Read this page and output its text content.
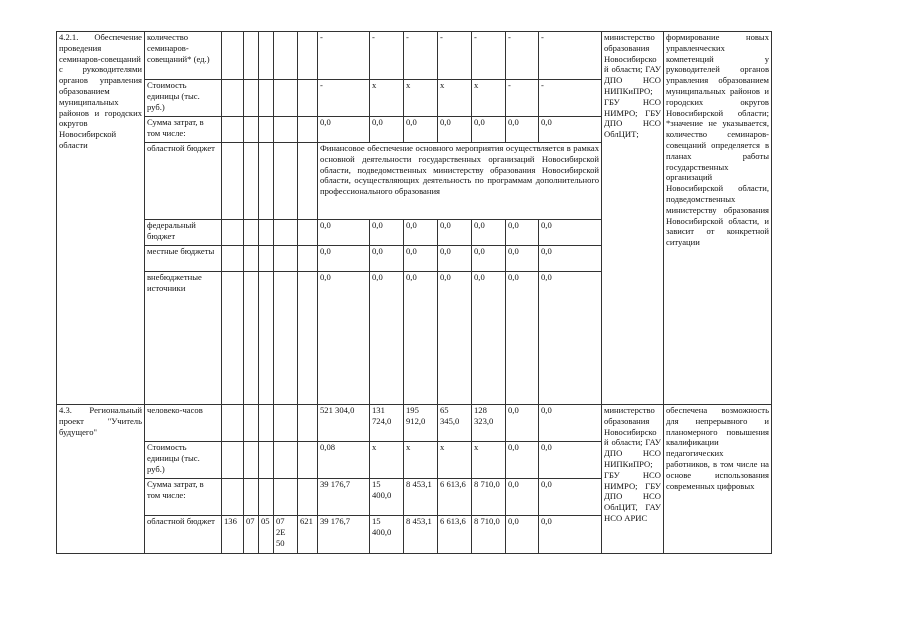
4.2.1. Обеспечение проведения семинаров-совещаний с руководителями органов управления образованием муниципальных районов и городских округов Новосибирской области	количество семинаров-совещаний* (ед.)						-	-	-	-	-	-	-	министерство образования Новосибирской области; ГАУ ДПО НСО НИПКиПРО; ГБУ НСО НИМРО; ГБУ ДПО НСО ОблЦИТ;	формирование новых управленческих компетенций у руководителей органов управления образованием муниципальных районов и городских округов Новосибирской области; *значение не указывается, количество семинаров-совещаний определяется в планах работы государственных организаций Новосибирской области, подведомственных министерству образования Новосибирской области, и зависит от конкретной ситуации
	Стоимость единицы (тыс. руб.)						-	x	x	x	x	-	-		
	Сумма затрат, в том числе:						0,0	0,0	0,0	0,0	0,0	0,0	0,0		
	областной бюджет						Финансовое обеспечение основного мероприятия осуществляется в рамках основной деятельности государственных организаций Новосибирской области, подведомственных министерству образования Новосибирской области, осуществляющих деятельность по программам дополнительного профессионального образования								
	федеральный бюджет						0,0	0,0	0,0	0,0	0,0	0,0	0,0		
	местные бюджеты						0,0	0,0	0,0	0,0	0,0	0,0	0,0		
	внебюджетные источники						0,0	0,0	0,0	0,0	0,0	0,0	0,0		
4.3. Региональный проект "Учитель будущего"	человеко-часов						521 304,0	131 724,0	195 912,0	65 345,0	128 323,0	0,0	0,0	министерство образования Новосибирской области; ГАУ ДПО НСО НИПКиПРО; ГБУ НСО НИМРО; ГБУ ДПО НСО ОблЦИТ, ГАУ НСО АРИС	обеспечена возможность для непрерывного и планомерного повышения квалификации педагогических работников, в том числе на основе использования современных цифровых
	Стоимость единицы (тыс. руб.)						0,08	x	x	x	x	0,0	0,0		
	Сумма затрат, в том числе:						39 176,7	15 400,0	8 453,1	6 613,6	8 710,0	0,0	0,0		
	областной бюджет	136	07	05	07 2E 50	621	39 176,7	15 400,0	8 453,1	6 613,6	8 710,0	0,0	0,0		
